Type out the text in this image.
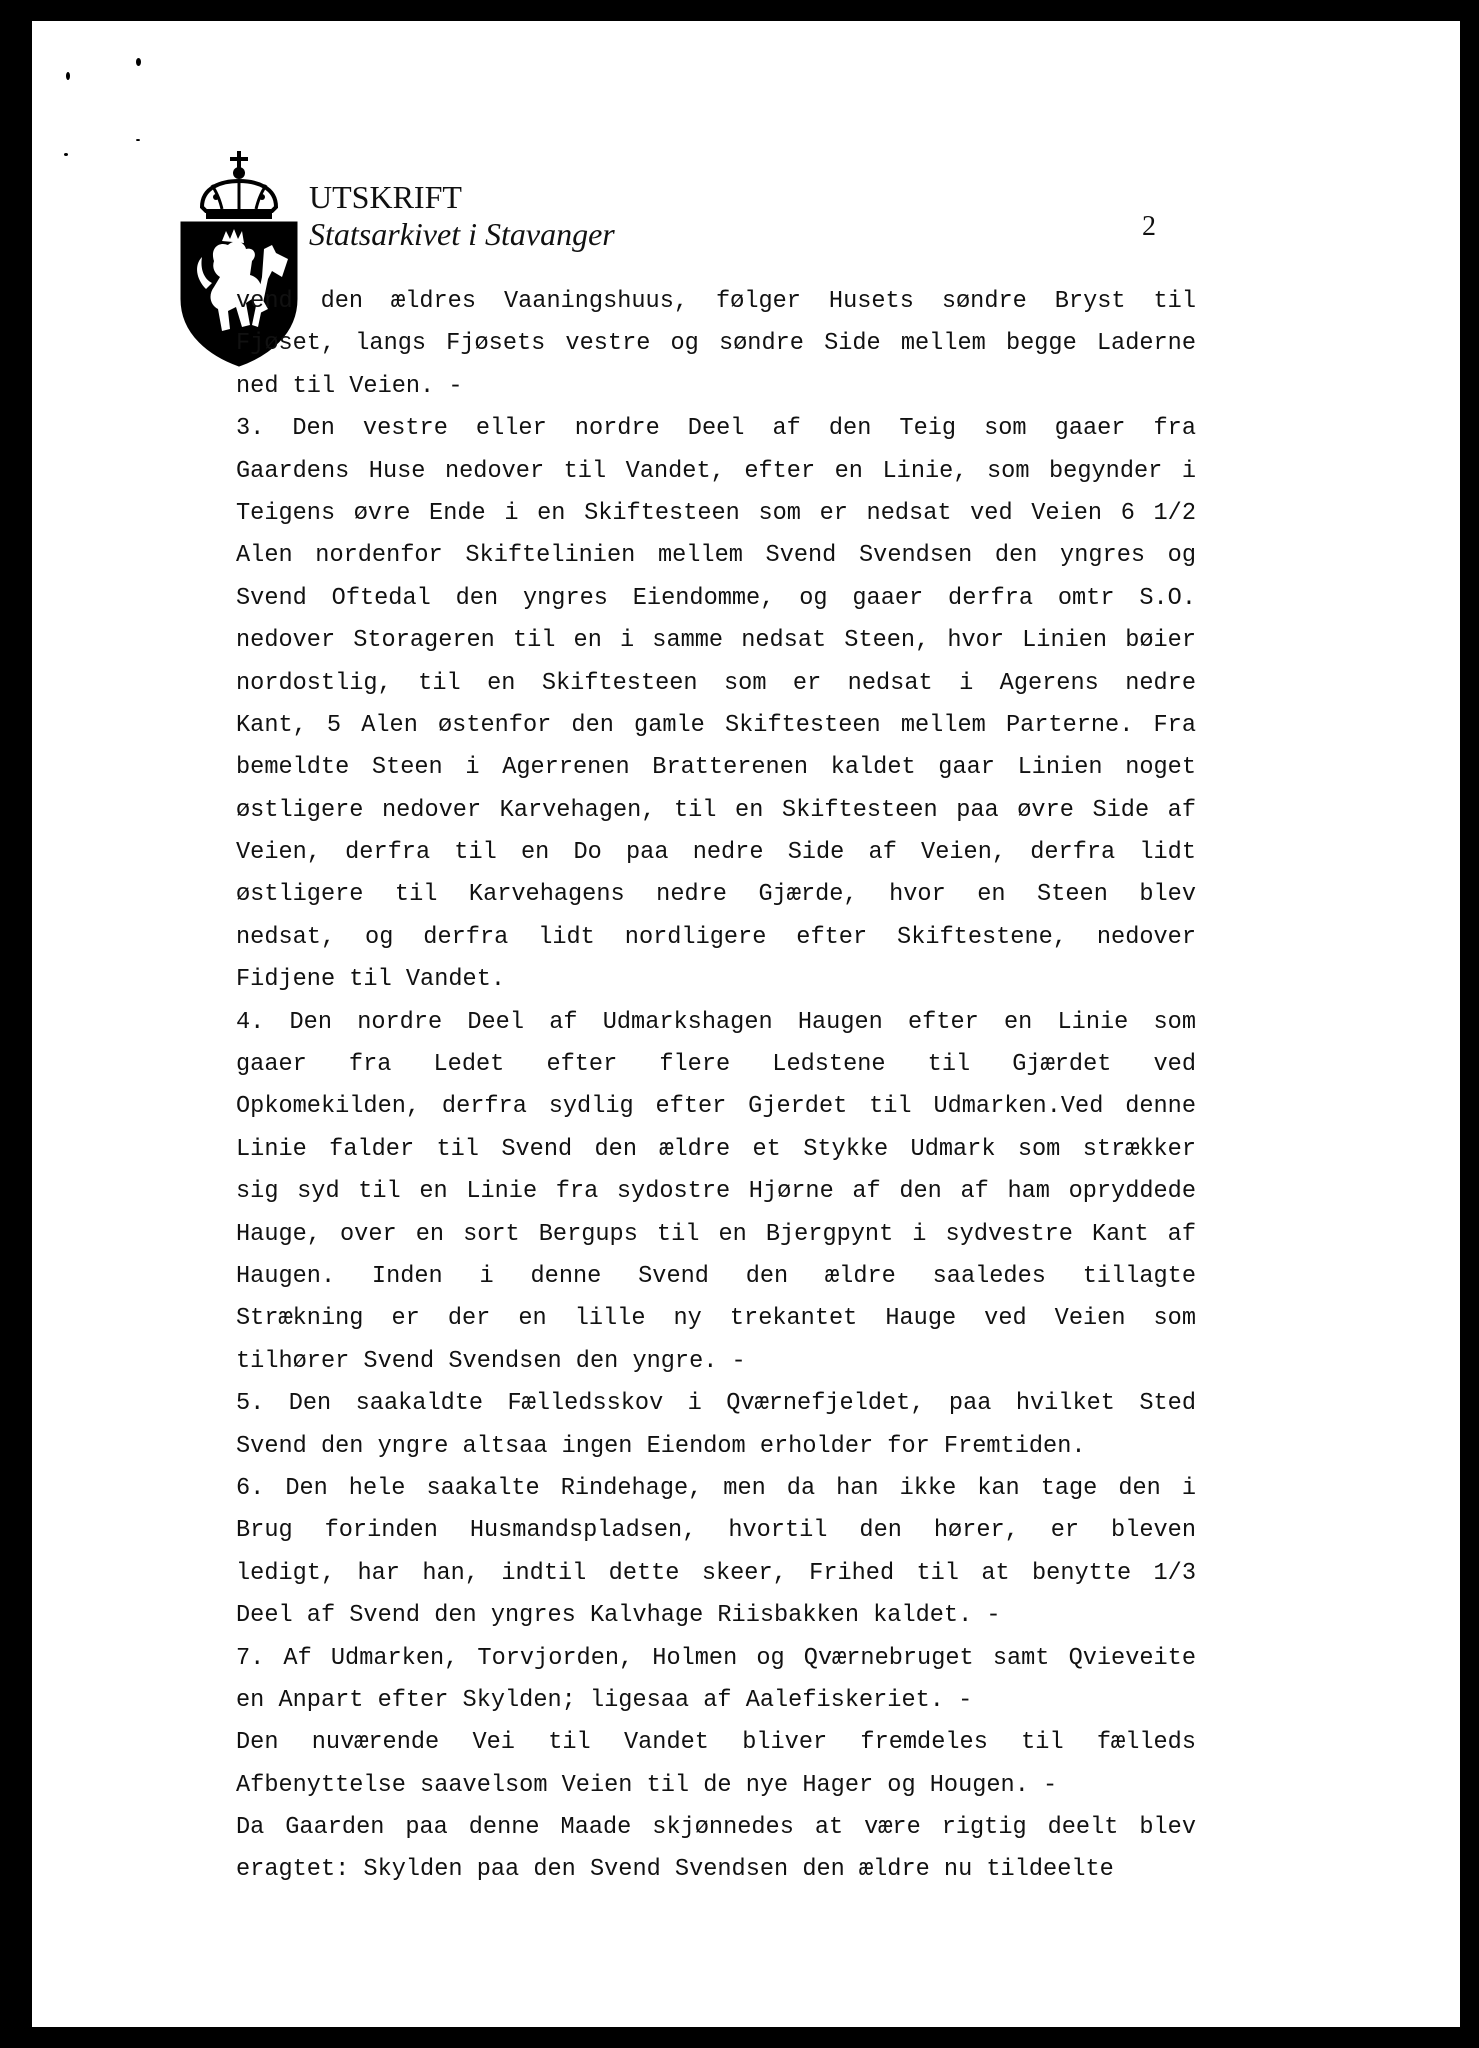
UTSKRIFT
Statsarkivet i Stavanger	2
vend den ældres Vaaningshuus, følger Husets søndre Bryst til
Fjøset, langs Fjøsets vestre og søndre Side mellem begge Laderne
ned til Veien. -
3. Den vestre eller nordre Deel af den Teig som gaaer fra
Gaardens Huse nedover til Vandet, efter en Linie, som begynder i
Teigens øvre Ende i en Skiftesteen som er nedsat ved Veien 6 1/2
Alen nordenfor Skiftelinien mellem Svend Svendsen den yngres og
Svend Oftedal den yngres Eiendomme, og gaaer derfra omtr S.O.
nedover Storageren til en i samme nedsat Steen, hvor Linien bøier
nordostlig, til en Skiftesteen som er nedsat i Agerens nedre
Kant, 5 Alen østenfor den gamle Skiftesteen mellem Parterne. Fra
bemeldte Steen i Agerrenen Bratterenen kaldet gaar Linien noget
østligere nedover Karvehagen, til en Skiftesteen paa øvre Side af
Veien, derfra til en Do paa nedre Side af Veien, derfra lidt
østligere til Karvehagens nedre Gjærde, hvor en Steen blev
nedsat, og derfra lidt nordligere efter Skiftestene, nedover
Fidjene til Vandet.
4. Den nordre Deel af Udmarkshagen Haugen efter en Linie som
gaaer fra Ledet efter flere Ledstene til Gjærdet ved
Opkomekilden, derfra sydlig efter Gjerdet til Udmarken.Ved denne
Linie falder til Svend den ældre et Stykke Udmark som strækker
sig syd til en Linie fra sydostre Hjørne af den af ham opryddede
Hauge, over en sort Bergups til en Bjergpynt i sydvestre Kant af
Haugen. Inden i denne Svend den ældre saaledes tillagte
Strækning er der en lille ny trekantet Hauge ved Veien som
tilhører Svend Svendsen den yngre. -
5. Den saakaldte Fælledsskov i Qværnefjeldet, paa hvilket Sted
Svend den yngre altsaa ingen Eiendom erholder for Fremtiden.
6. Den hele saakalte Rindehage, men da han ikke kan tage den i
Brug forinden Husmandspladsen, hvortil den hører, er bleven
ledigt, har han, indtil dette skeer, Frihed til at benytte 1/3
Deel af Svend den yngres Kalvhage Riisbakken kaldet. -
7. Af Udmarken, Torvjorden, Holmen og Qværnebruget samt Qvieveite
en Anpart efter Skylden; ligesaa af Aalefiskeriet. -
Den nuværende Vei til Vandet bliver fremdeles til fælleds
Afbenyttelse saavelsom Veien til de nye Hager og Hougen. -
Da Gaarden paa denne Maade skjønnedes at være rigtig deelt blev
eragtet: Skylden paa den Svend Svendsen den ældre nu tildeelte
